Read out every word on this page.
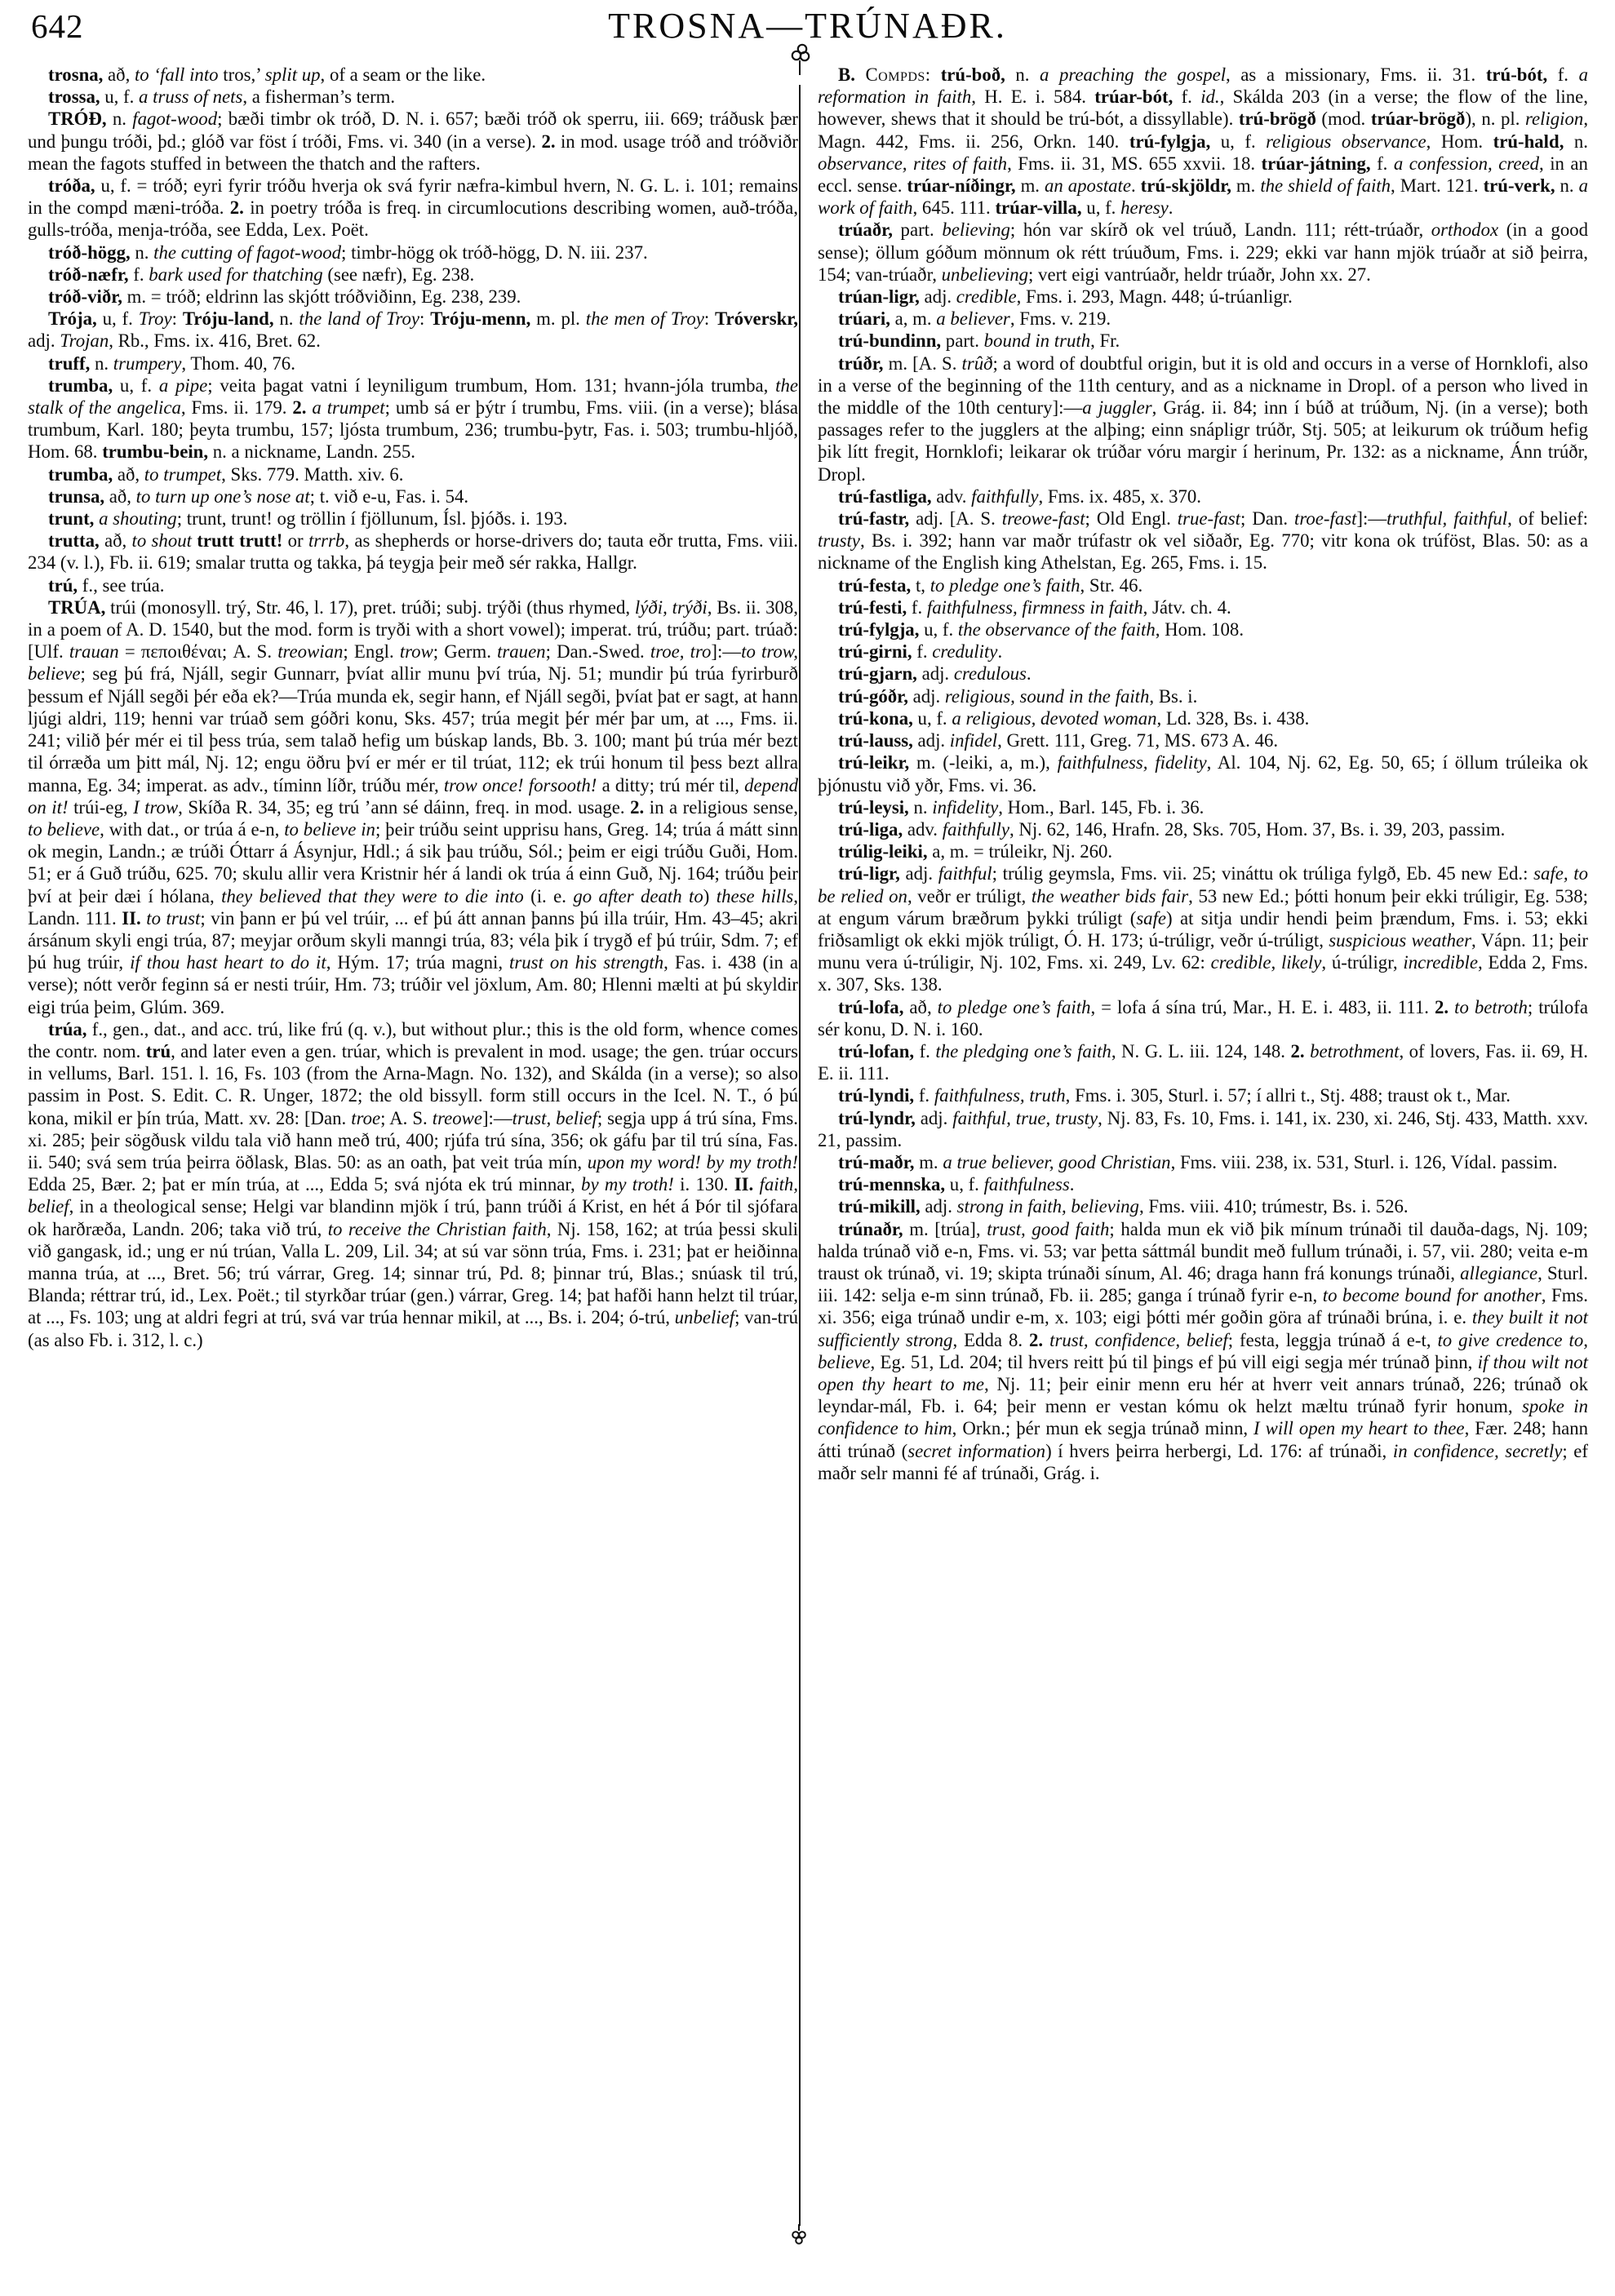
642	TROSNA—TRÚNAÐR.

trosna, að, to ‘fall into tros,’ split up, of a seam or the like.

trossa, u, f. a truss of nets, a fisherman’s term.

TRÓÐ, n. fagot-wood; bæði timbr ok tróð, D. N. i. 657; bæði tróð ok sperru, iii. 669; tráðusk þær und þungu tróði, þd.; glóð var föst í tróði, Fms. vi. 340 (in a verse). 2. in mod. usage tróð and tróðviðr mean the fagots stuffed in between the thatch and the rafters.

tróða, u, f. = tróð; eyri fyrir tróðu hverja ok svá fyrir næfra-kimbul hvern, N. G. L. i. 101; remains in the compd mæni-tróða. 2. in poetry tróða is freq. in circumlocutions describing women, auð-tróða, gulls-tróða, menja-tróða, see Edda, Lex. Poët.

tróð-högg, n. the cutting of fagot-wood; timbr-högg ok tróð-högg, D. N. iii. 237.

tróð-næfr, f. bark used for thatching (see næfr), Eg. 238.

tróð-viðr, m. = tróð; eldrinn las skjótt tróðviðinn, Eg. 238, 239.

Trója, u, f. Troy: Tróju-land, n. the land of Troy: Tróju-menn, m. pl. the men of Troy: Tróverskr, adj. Trojan, Rb., Fms. ix. 416, Bret. 62.

truff, n. trumpery, Thom. 40, 76.

trumba, u, f. a pipe; veita þagat vatni í leyniligum trumbum, Hom. 131; hvann-jóla trumba, the stalk of the angelica, Fms. ii. 179. 2. a trumpet; umb sá er þýtr í trumbu, Fms. viii. (in a verse); blása trumbum, Karl. 180; þeyta trumbu, 157; ljósta trumbum, 236; trumbu-þytr, Fas. i. 503; trumbu-hljóð, Hom. 68. trumbu-bein, n. a nickname, Landn. 255.

trumba, að, to trumpet, Sks. 779. Matth. xiv. 6.

trunsa, að, to turn up one’s nose at; t. við e-u, Fas. i. 54.

trunt, a shouting; trunt, trunt! og tröllin í fjöllunum, Ísl. þjóðs. i. 193.

trutta, að, to shout trutt trutt! or trrrb, as shepherds or horse-drivers do; tauta eðr trutta, Fms. viii. 234 (v. l.), Fb. ii. 619; smalar trutta og takka, þá teygja þeir með sér rakka, Hallgr.

trú, f., see trúa.

TRÚA, trúi (monosyll. trý, Str. 46, l. 17), pret. trúði; subj. trýði (thus rhymed, lýði, trýði, Bs. ii. 308, in a poem of A. D. 1540, but the mod. form is tryði with a short vowel); imperat. trú, trúðu; part. trúað: [Ulf. trauan = πεποιθέναι; A. S. treowian; Engl. trow; Germ. trauen; Dan.-Swed. troe, tro]:—to trow, believe; seg þú frá, Njáll, segir Gunnarr, þvíat allir munu því trúa, Nj. 51; mundir þú trúa fyrirburð þessum ef Njáll segði þér eða ek?—Trúa munda ek, segir hann, ef Njáll segði, þvíat þat er sagt, at hann ljúgi aldri, 119; henni var trúað sem góðri konu, Sks. 457; trúa megit þér mér þar um, at ..., Fms. ii. 241; vilið þér mér ei til þess trúa, sem talað hefig um búskap lands, Bb. 3. 100; mant þú trúa mér bezt til órræða um þitt mál, Nj. 12; engu öðru því er mér er til trúat, 112; ek trúi honum til þess bezt allra manna, Eg. 34; imperat. as adv., tíminn líðr, trúðu mér, trow once! forsooth! a ditty; trú mér til, depend on it! trúi-eg, I trow, Skíða R. 34, 35; eg trú ’ann sé dáinn, freq. in mod. usage. 2. in a religious sense, to believe, with dat., or trúa á e-n, to believe in; þeir trúðu seint upprisu hans, Greg. 14; trúa á mátt sinn ok megin, Landn.; æ trúði Óttarr á Ásynjur, Hdl.; á sik þau trúðu, Sól.; þeim er eigi trúðu Guði, Hom. 51; er á Guð trúðu, 625. 70; skulu allir vera Kristnir hér á landi ok trúa á einn Guð, Nj. 164; trúðu þeir því at þeir dæi í hólana, they believed that they were to die into (i. e. go after death to) these hills, Landn. 111. II. to trust; vin þann er þú vel trúir, ... ef þú átt annan þanns þú illa trúir, Hm. 43–45; akri ársánum skyli engi trúa, 87; meyjar orðum skyli manngi trúa, 83; véla þik í trygð ef þú trúir, Sdm. 7; ef þú hug trúir, if thou hast heart to do it, Hým. 17; trúa magni, trust on his strength, Fas. i. 438 (in a verse); nótt verðr feginn sá er nesti trúir, Hm. 73; trúðir vel jöxlum, Am. 80; Hlenni mælti at þú skyldir eigi trúa þeim, Glúm. 369.

trúa, f., gen., dat., and acc. trú, like frú (q. v.), but without plur.; this is the old form, whence comes the contr. nom. trú, and later even a gen. trúar, which is prevalent in mod. usage; the gen. trúar occurs in vellums, Barl. 151. l. 16, Fs. 103 (from the Arna-Magn. No. 132), and Skálda (in a verse); so also passim in Post. S. Edit. C. R. Unger, 1872; the old bissyll. form still occurs in the Icel. N. T., ó þú kona, mikil er þín trúa, Matt. xv. 28: [Dan. troe; A. S. treowe]:—trust, belief; segja upp á trú sína, Fms. xi. 285; þeir sögðusk vildu tala við hann með trú, 400; rjúfa trú sína, 356; ok gáfu þar til trú sína, Fas. ii. 540; svá sem trúa þeirra öðlask, Blas. 50: as an oath, þat veit trúa mín, upon my word! by my troth! Edda 25, Bær. 2; þat er mín trúa, at ..., Edda 5; svá njóta ek trú minnar, by my troth! i. 130. II. faith, belief, in a theological sense; Helgi var blandinn mjök í trú, þann trúði á Krist, en hét á Þór til sjófara ok harðræða, Landn. 206; taka við trú, to receive the Christian faith, Nj. 158, 162; at trúa þessi skuli við gangask, id.; ung er nú trúan, Valla L. 209, Lil. 34; at sú var sönn trúa, Fms. i. 231; þat er heiðinna manna trúa, at ..., Bret. 56; trú várrar, Greg. 14; sinnar trú, Pd. 8; þinnar trú, Blas.; snúask til trú, Blanda; réttrar trú, id., Lex. Poët.; til styrkðar trúar (gen.) várrar, Greg. 14; þat hafði hann helzt til trúar, at ..., Fs. 103; ung at aldri fegri at trú, svá var trúa hennar mikil, at ..., Bs. i. 204; ó-trú, unbelief; van-trú (as also Fb. i. 312, l. c.)

B. Compds: trú-boð, n. a preaching the gospel, as a missionary, Fms. ii. 31. trú-bót, f. a reformation in faith, H. E. i. 584. trúar-bót, f. id., Skálda 203 (in a verse; the flow of the line, however, shews that it should be trú-bót, a dissyllable). trú-brögð (mod. trúar-brögð), n. pl. religion, Magn. 442, Fms. ii. 256, Orkn. 140. trú-fylgja, u, f. religious observance, Hom. trú-hald, n. observance, rites of faith, Fms. ii. 31, MS. 655 xxvii. 18. trúar-játning, f. a confession, creed, in an eccl. sense. trúar-níðingr, m. an apostate. trú-skjöldr, m. the shield of faith, Mart. 121. trú-verk, n. a work of faith, 645. 111. trúar-villa, u, f. heresy.

trúaðr, part. believing; hón var skírð ok vel trúuð, Landn. 111; rétt-trúaðr, orthodox (in a good sense); öllum góðum mönnum ok rétt trúuðum, Fms. i. 229; ekki var hann mjök trúaðr at sið þeirra, 154; van-trúaðr, unbelieving; vert eigi vantrúaðr, heldr trúaðr, John xx. 27.

trúan-ligr, adj. credible, Fms. i. 293, Magn. 448; ú-trúanligr.

trúari, a, m. a believer, Fms. v. 219.

trú-bundinn, part. bound in truth, Fr.

trúðr, m. [A. S. trûð; a word of doubtful origin, but it is old and occurs in a verse of Hornklofi, also in a verse of the beginning of the 11th century, and as a nickname in Dropl. of a person who lived in the middle of the 10th century]:—a juggler, Grág. ii. 84; inn í búð at trúðum, Nj. (in a verse); both passages refer to the jugglers at the alþing; einn snápligr trúðr, Stj. 505; at leikurum ok trúðum hefig þik lítt fregit, Hornklofi; leikarar ok trúðar vóru margir í herinum, Pr. 132: as a nickname, Ánn trúðr, Dropl.

trú-fastliga, adv. faithfully, Fms. ix. 485, x. 370.

trú-fastr, adj. [A. S. treowe-fast; Old Engl. true-fast; Dan. troe-fast]:—truthful, faithful, of belief: trusty, Bs. i. 392; hann var maðr trúfastr ok vel siðaðr, Eg. 770; vitr kona ok trúföst, Blas. 50: as a nickname of the English king Athelstan, Eg. 265, Fms. i. 15.

trú-festa, t, to pledge one’s faith, Str. 46.

trú-festi, f. faithfulness, firmness in faith, Játv. ch. 4.

trú-fylgja, u, f. the observance of the faith, Hom. 108.

trú-girni, f. credulity.

trú-gjarn, adj. credulous.

trú-góðr, adj. religious, sound in the faith, Bs. i.

trú-kona, u, f. a religious, devoted woman, Ld. 328, Bs. i. 438.

trú-lauss, adj. infidel, Grett. 111, Greg. 71, MS. 673 A. 46.

trú-leikr, m. (-leiki, a, m.), faithfulness, fidelity, Al. 104, Nj. 62, Eg. 50, 65; í öllum trúleika ok þjónustu við yðr, Fms. vi. 36.

trú-leysi, n. infidelity, Hom., Barl. 145, Fb. i. 36.

trú-liga, adv. faithfully, Nj. 62, 146, Hrafn. 28, Sks. 705, Hom. 37, Bs. i. 39, 203, passim.

trúlig-leiki, a, m. = trúleikr, Nj. 260.

trú-ligr, adj. faithful; trúlig geymsla, Fms. vii. 25; vináttu ok trúliga fylgð, Eb. 45 new Ed.: safe, to be relied on, veðr er trúligt, the weather bids fair, 53 new Ed.; þótti honum þeir ekki trúligir, Eg. 538; at engum várum bræðrum þykki trúligt (safe) at sitja undir hendi þeim þrændum, Fms. i. 53; ekki friðsamligt ok ekki mjök trúligt, Ó. H. 173; ú-trúligr, veðr ú-trúligt, suspicious weather, Vápn. 11; þeir munu vera ú-trúligir, Nj. 102, Fms. xi. 249, Lv. 62: credible, likely, ú-trúligr, incredible, Edda 2, Fms. x. 307, Sks. 138.

trú-lofa, að, to pledge one’s faith, = lofa á sína trú, Mar., H. E. i. 483, ii. 111. 2. to betroth; trúlofa sér konu, D. N. i. 160.

trú-lofan, f. the pledging one’s faith, N. G. L. iii. 124, 148. 2. betrothment, of lovers, Fas. ii. 69, H. E. ii. 111.

trú-lyndi, f. faithfulness, truth, Fms. i. 305, Sturl. i. 57; í allri t., Stj. 488; traust ok t., Mar.

trú-lyndr, adj. faithful, true, trusty, Nj. 83, Fs. 10, Fms. i. 141, ix. 230, xi. 246, Stj. 433, Matth. xxv. 21, passim.

trú-maðr, m. a true believer, good Christian, Fms. viii. 238, ix. 531, Sturl. i. 126, Vídal. passim.

trú-mennska, u, f. faithfulness.

trú-mikill, adj. strong in faith, believing, Fms. viii. 410; trúmestr, Bs. i. 526.

trúnaðr, m. [trúa], trust, good faith; halda mun ek við þik mínum trúnaði til dauða-dags, Nj. 109; halda trúnað við e-n, Fms. vi. 53; var þetta sáttmál bundit með fullum trúnaði, i. 57, vii. 280; veita e-m traust ok trúnað, vi. 19; skipta trúnaði sínum, Al. 46; draga hann frá konungs trúnaði, allegiance, Sturl. iii. 142: selja e-m sinn trúnað, Fb. ii. 285; ganga í trúnað fyrir e-n, to become bound for another, Fms. xi. 356; eiga trúnað undir e-m, x. 103; eigi þótti mér goðin göra af trúnaði brúna, i. e. they built it not sufficiently strong, Edda 8. 2. trust, confidence, belief; festa, leggja trúnað á e-t, to give credence to, believe, Eg. 51, Ld. 204; til hvers reitt þú til þings ef þú vill eigi segja mér trúnað þinn, if thou wilt not open thy heart to me, Nj. 11; þeir einir menn eru hér at hverr veit annars trúnað, 226; trúnað ok leyndar-mál, Fb. i. 64; þeir menn er vestan kómu ok helzt mæltu trúnað fyrir honum, spoke in confidence to him, Orkn.; þér mun ek segja trúnað minn, I will open my heart to thee, Fær. 248; hann átti trúnað (secret information) í hvers þeirra herbergi, Ld. 176: af trúnaði, in confidence, secretly; ef maðr selr manni fé af trúnaði, Grág. i.
